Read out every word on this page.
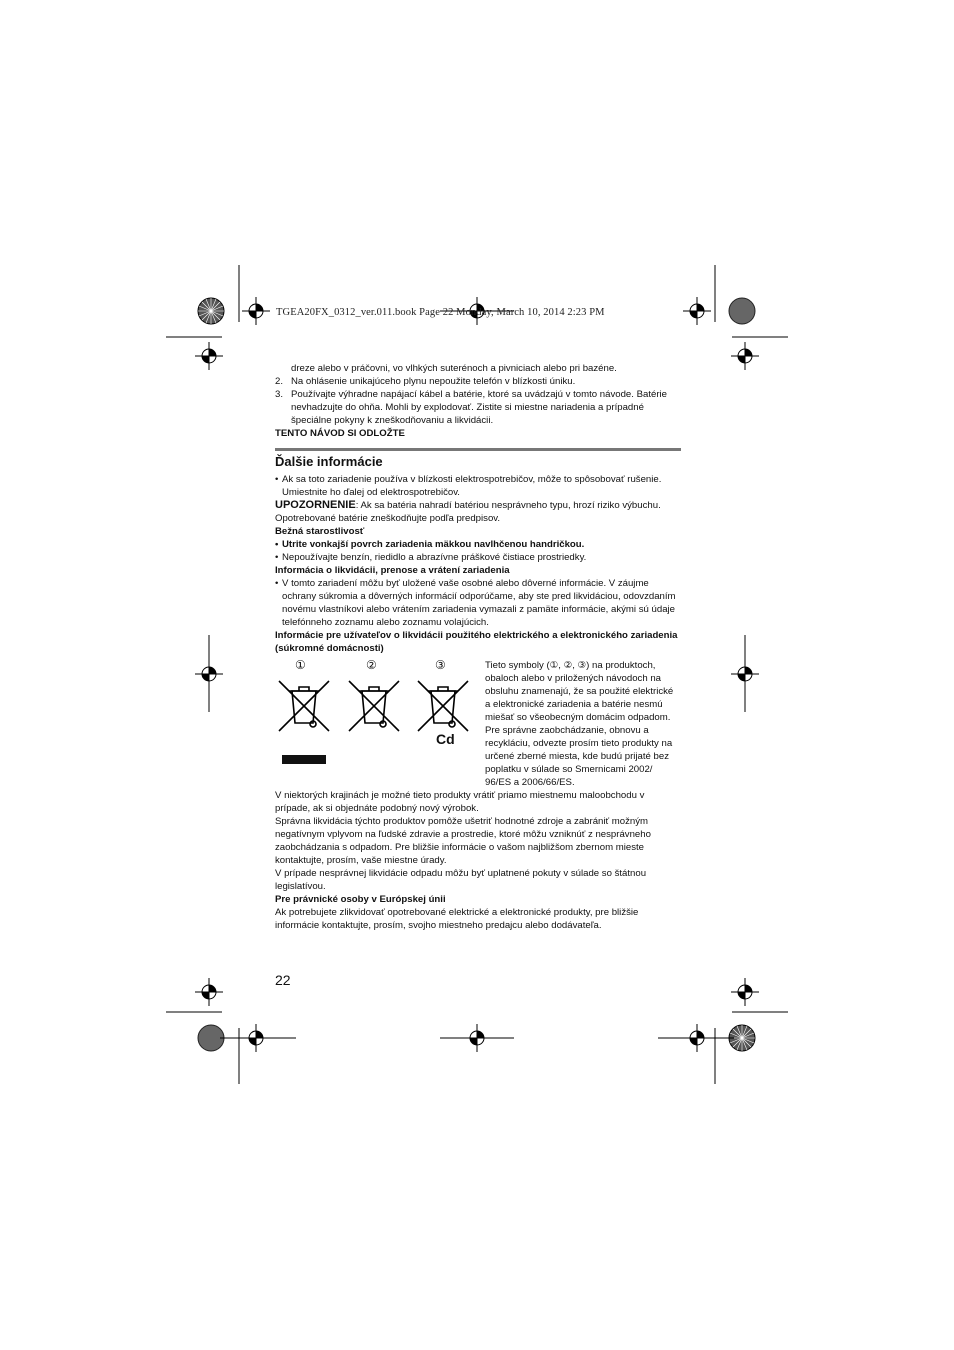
TGEA20FX_0312_ver.011.book Page 22 Monday, March 10, 2014 2:23 PM

dreze alebo v práčovni, vo vlhkých suterénoch a pivniciach alebo pri bazéne.

2. Na ohlásenie unikajúceho plynu nepoužite telefón v blízkosti úniku.
3. Používajte výhradne napájací kábel a batérie, ktoré sa uvádzajú v tomto návode. Batérie nevhadzujte do ohňa. Mohli by explodovať. Zistite si miestne nariadenia a prípadné špeciálne pokyny k zneškodňovaniu a likvidácii.

TENTO NÁVOD SI ODLOŽTE

Ďalšie informácie
• Ak sa toto zariadenie používa v blízkosti elektrospotrebičov, môže to spôsobovať rušenie. Umiestnite ho ďalej od elektrospotrebičov.

UPOZORNENIE: Ak sa batéria nahradí batériou nesprávneho typu, hrozí riziko výbuchu.

Opotrebované batérie zneškodňujte podľa predpisov.

Bežná starostlivosť

• Utrite vonkajší povrch zariadenia mäkkou navlhčenou handričkou.
• Nepoužívajte benzín, riedidlo a abrazívne práškové čistiace prostriedky.

Informácia o likvidácii, prenose a vrátení zariadenia

• V tomto zariadení môžu byť uložené vaše osobné alebo dôverné informácie. V záujme ochrany súkromia a dôverných informácií odporúčame, aby ste pred likvidáciou, odovzdaním novému vlastníkovi alebo vrátením zariadenia vymazali z pamäte informácie, akými sú údaje telefónneho zoznamu alebo zoznamu volajúcich.

Informácie pre užívateľov o likvidácii použitého elektrického a elektronického zariadenia (súkromné domácnosti)

①	②	③
Cd
Tieto symboly (①, ②, ③) na produktoch, obaloch alebo v priložených návodoch na obsluhu znamenajú, že sa použité elektrické a elektronické zariadenia a batérie nesmú miešať so všeobecným domácim odpadom. Pre správne zaobchádzanie, obnovu a recykláciu, odvezte prosím tieto produkty na určené zberné miesta, kde budú prijaté bez poplatku v súlade so Smernicami 2002/ 96/ES a 2006/66/ES.

V niektorých krajinách je možné tieto produkty vrátiť priamo miestnemu maloobchodu v prípade, ak si objednáte podobný nový výrobok.

Správna likvidácia týchto produktov pomôže ušetriť hodnotné zdroje a zabrániť možným negatívnym vplyvom na ľudské zdravie a prostredie, ktoré môžu vzniknúť z nesprávneho zaobchádzania s odpadom. Pre bližšie informácie o vašom najbližšom zbernom mieste kontaktujte, prosím, vaše miestne úrady.

V prípade nesprávnej likvidácie odpadu môžu byť uplatnené pokuty v súlade so štátnou legislatívou.

Pre právnické osoby v Európskej únii

Ak potrebujete zlikvidovať opotrebované elektrické a elektronické produkty, pre bližšie informácie kontaktujte, prosím, svojho miestneho predajcu alebo dodávateľa.

22
